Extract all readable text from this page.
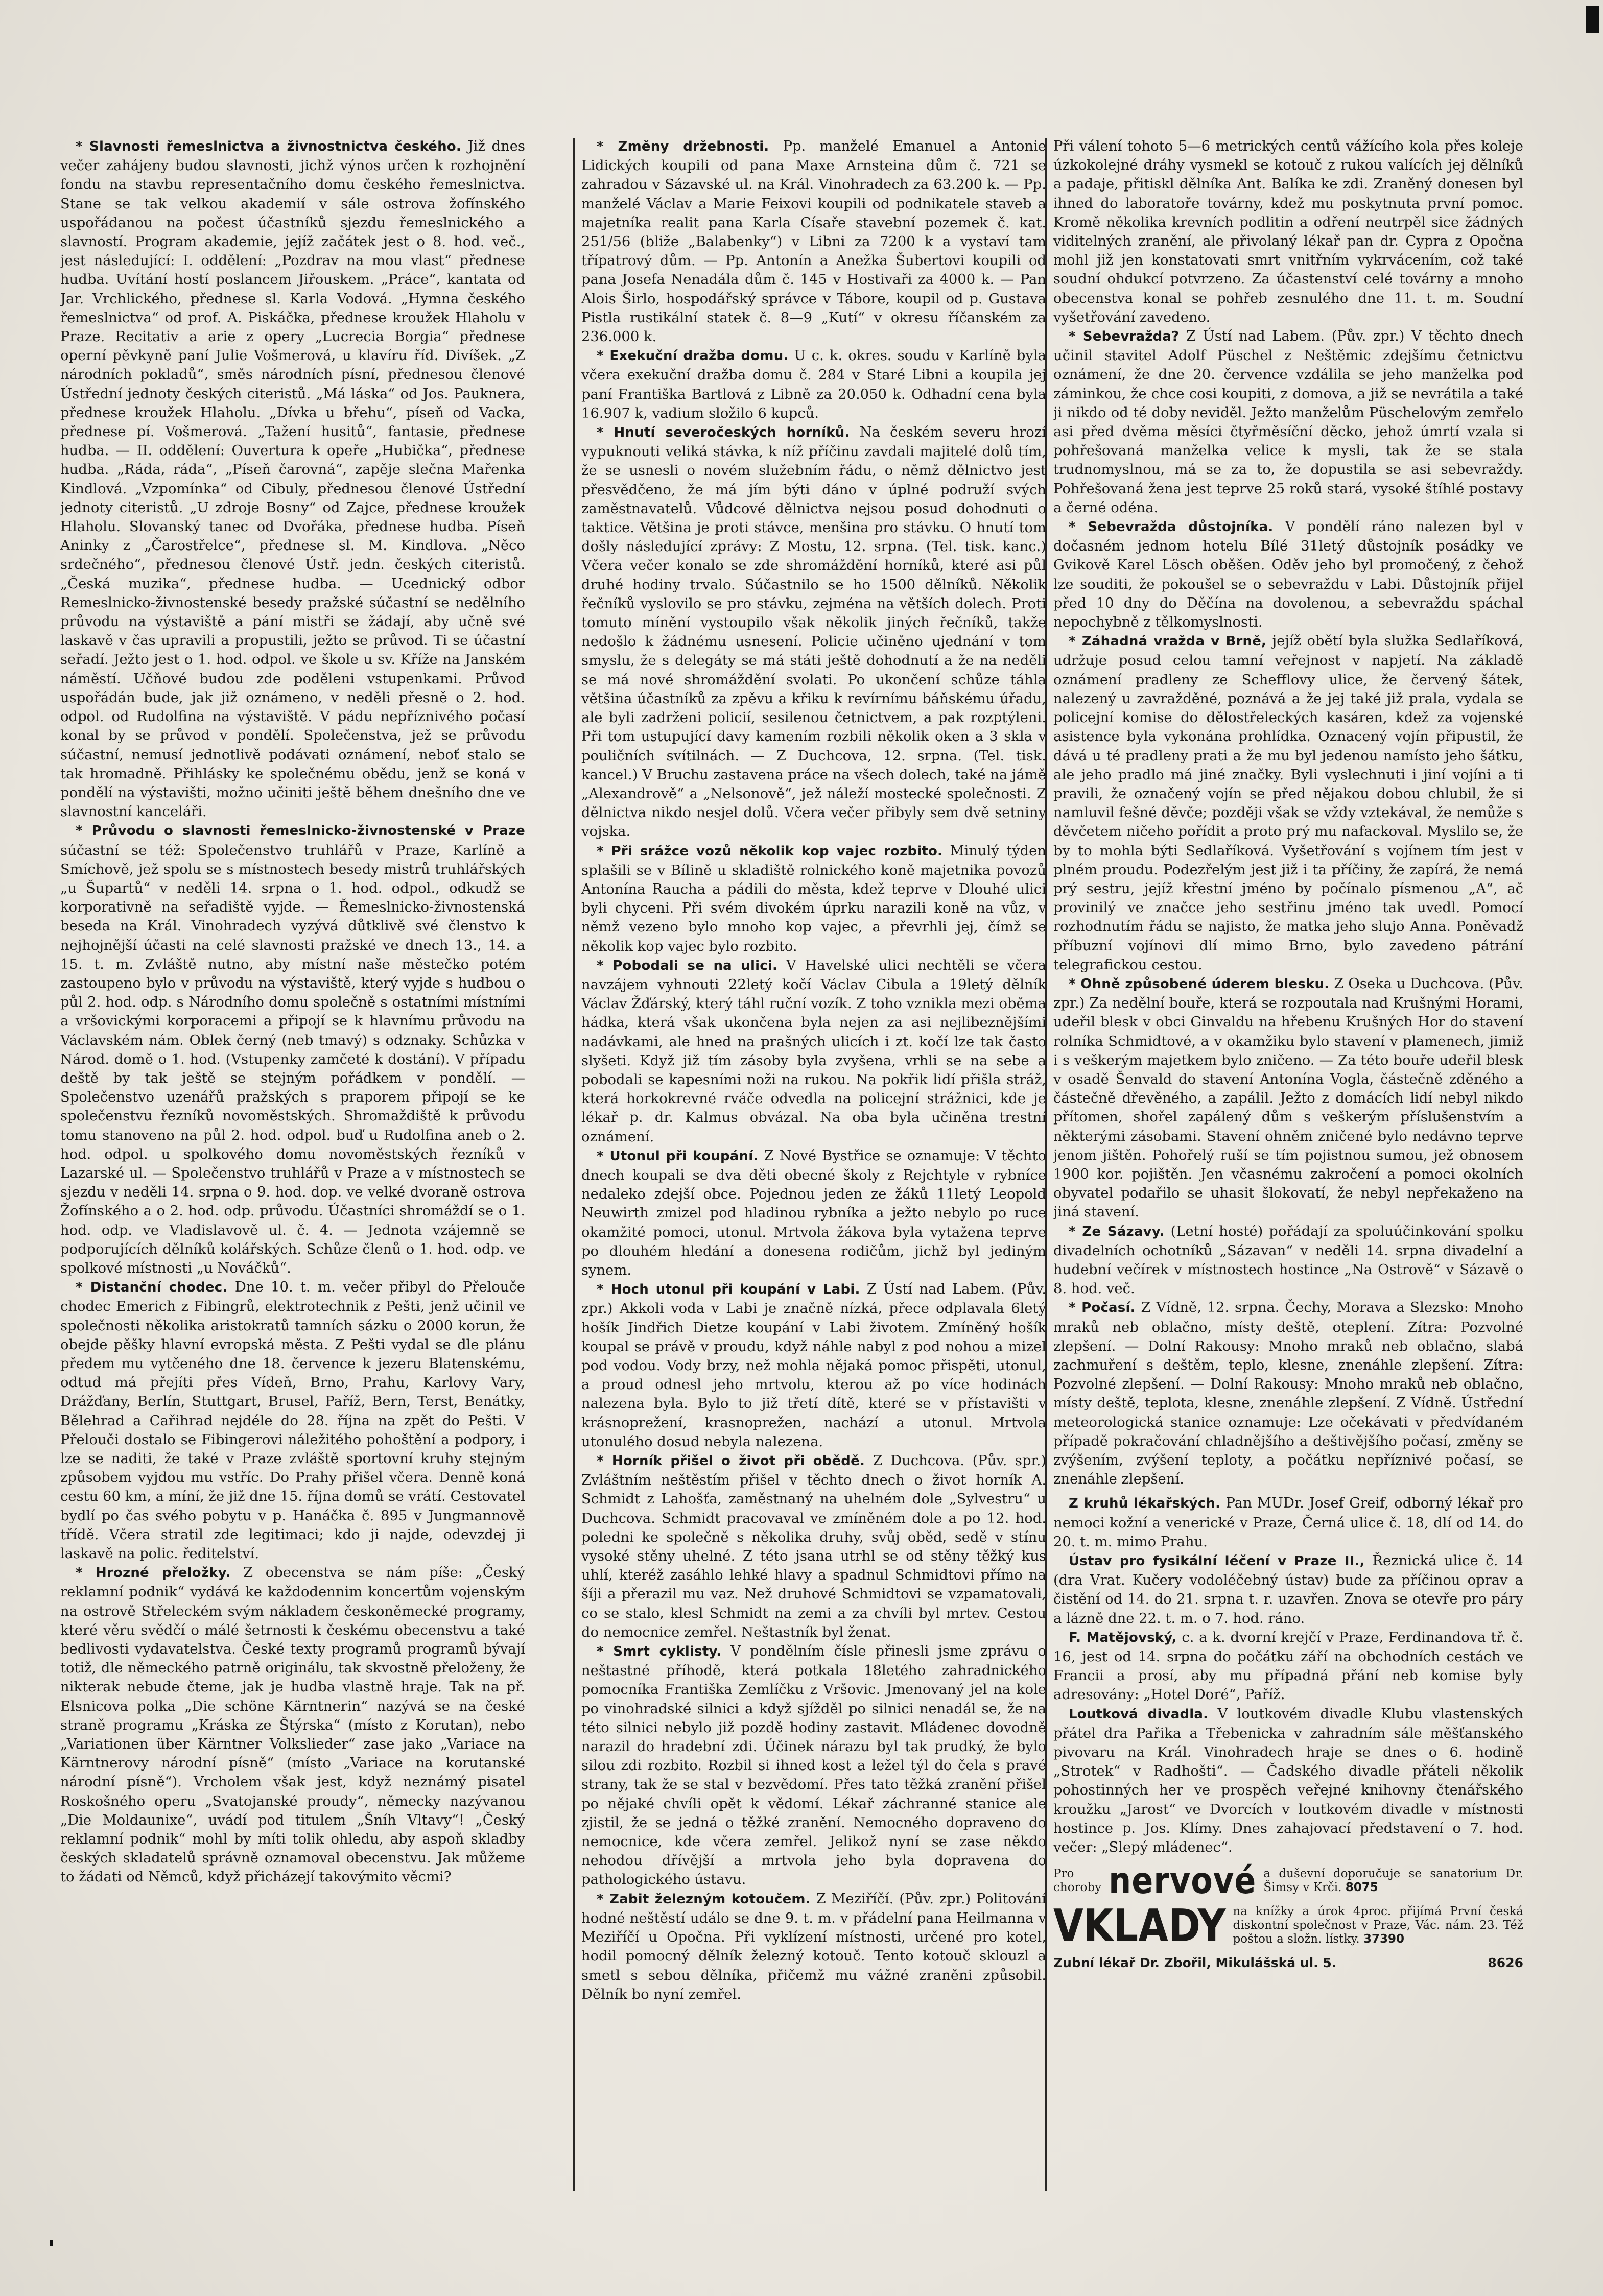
* Slavnosti řemeslnictva a živnostnictva českého. Již dnes večer zahájeny budou slavnosti, jichž výnos určen k rozhojnění fondu na stavbu representačního domu českého řemeslnictva. Stane se tak velkou akademií v sále ostrova žofínského uspořádanou na počest účastníků sjezdu řemeslnického a slavností. Program akademie, jejíž začátek jest o 8. hod. več., jest následující: I. oddělení: „Pozdrav na mou vlast“ přednese hudba. Uvítání hostí poslancem Jiřouskem. „Práce“, kantata od Jar. Vrchlického, přednese sl. Karla Vodová. „Hymna českého řemeslnictva“ od prof. A. Piskáčka, přednese kroužek Hlaholu v Praze. Recitativ a arie z opery „Lucrecia Borgia“ přednese operní pěvkyně paní Julie Vošmerová, u klavíru říd. Divíšek. „Z národních pokladů“, směs národních písní, přednesou členové Ústřední jednoty českých citeristů. „Má láska“ od Jos. Pauknera, přednese kroužek Hlaholu. „Dívka u břehu“, píseň od Vacka, přednese pí. Vošmerová. „Tažení husitů“, fantasie, přednese hudba. — II. oddělení: Ouvertura k opeře „Hubička“, přednese hudba. „Ráda, ráda“, „Píseň čarovná“, zapěje slečna Mařenka Kindlová. „Vzpomínka“ od Cibuly, přednesou členové Ústřední jednoty citeristů. „U zdroje Bosny“ od Zajce, přednese kroužek Hlaholu. Slovanský tanec od Dvořáka, přednese hudba. Píseň Aninky z „Čarostřelce“, přednese sl. M. Kindlova. „Něco srdečného“, přednesou členové Ústř. jedn. českých citeristů. „Česká muzika“, přednese hudba. — Ucednický odbor Remeslnicko-živnostenské besedy pražské súčastní se nedělního průvodu na výstaviště a pání mistři se žádají, aby učně své laskavě v čas upravili a propustili, ježto se průvod. Ti se účastní seřadí. Ježto jest o 1. hod. odpol. ve škole u sv. Kříže na Janském náměstí. Učňové budou zde poděleni vstupenkami. Průvod uspořádán bude, jak již oznámeno, v neděli přesně o 2. hod. odpol. od Rudolfina na výstaviště. V pádu nepříznivého počasí konal by se průvod v pondělí. Společenstva, jež se průvodu súčastní, nemusí jednotlivě podávati oznámení, neboť stalo se tak hromadně. Přihlásky ke společnému obědu, jenž se koná v pondělí na výstavišti, možno učiniti ještě během dnešního dne ve slavnostní kanceláři.

* Průvodu o slavnosti řemeslnicko-živnostenské v Praze súčastní se též: Společenstvo truhlářů v Praze, Karlíně a Smíchově, jež spolu se s místnostech besedy mistrů truhlářských „u Šupartů“ v neděli 14. srpna o 1. hod. odpol., odkudž se korporativně na seřadiště vyjde. — Řemeslnicko-živnostenská beseda na Král. Vinohradech vyzývá důtklivě své členstvo k nejhojnější účasti na celé slavnosti pražské ve dnech 13., 14. a 15. t. m. Zvláště nutno, aby místní naše městečko potém zastoupeno bylo v průvodu na výstaviště, který vyjde s hudbou o půl 2. hod. odp. s Národního domu společně s ostatními místními a vršovickými korporacemi a připojí se k hlavnímu průvodu na Václavském nám. Oblek černý (neb tmavý) s odznaky. Schůzka v Národ. domě o 1. hod. (Vstupenky zamčeté k dostání). V případu deště by tak ještě se stejným pořádkem v pondělí. — Společenstvo uzenářů pražských s praporem připojí se ke společenstvu řezníků novoměstských. Shromaždiště k průvodu tomu stanoveno na půl 2. hod. odpol. buď u Rudolfina aneb o 2. hod. odpol. u spolkového domu novoměstských řezníků v Lazarské ul. — Společenstvo truhlářů v Praze a v místnostech se sjezdu v neděli 14. srpna o 9. hod. dop. ve velké dvoraně ostrova Žofínského a o 2. hod. odp. průvodu. Účastníci shromáždí se o 1. hod. odp. ve Vladislavově ul. č. 4. — Jednota vzájemně se podporujících dělníků kolářských. Schůze členů o 1. hod. odp. ve spolkové místnosti „u Nováčků“.

* Distanční chodec. Dne 10. t. m. večer přibyl do Přelouče chodec Emerich z Fibingrů, elektrotechnik z Pešti, jenž učinil ve společnosti několika aristokratů tamních sázku o 2000 korun, že obejde pěšky hlavní evropská města. Z Pešti vydal se dle plánu předem mu vytčeného dne 18. července k jezeru Blatenskému, odtud má přejíti přes Vídeň, Brno, Prahu, Karlovy Vary, Drážďany, Berlín, Stuttgart, Brusel, Paříž, Bern, Terst, Benátky, Bělehrad a Cařihrad nejdéle do 28. října na zpět do Pešti. V Přelouči dostalo se Fibingerovi náležitého pohoštění a podpory, i lze se naditi, že také v Praze zvláště sportovní kruhy stejným způsobem vyjdou mu vstříc. Do Prahy přišel včera. Denně koná cestu 60 km, a míní, že již dne 15. října domů se vrátí. Cestovatel bydlí po čas svého pobytu v p. Hanáčka č. 895 v Jungmannově třídě. Včera stratil zde legitimaci; kdo ji najde, odevzdej ji laskavě na polic. ředitelství.

* Hrozné přeložky. Z obecenstva se nám píše: „Český reklamní podnik“ vydává ke každodennim koncertům vojenským na ostrově Střeleckém svým nákladem českoněmecké programy, které věru svědčí o málé šetrnosti k českému obecenstvu a také bedlivosti vydavatelstva. České texty programů programů bývají totiž, dle německého patrně originálu, tak skvostně přeloženy, že nikterak nebude čteme, jak je hudba vlastně hraje. Tak na př. Elsnicova polka „Die schöne Kärntnerin“ nazývá se na české straně programu „Kráska ze Štýrska“ (místo z Korutan), nebo „Variationen über Kärntner Volkslieder“ zase jako „Variace na Kärntnerovy národní písně“ (místo „Variace na korutanské národní písně“). Vrcholem však jest, když neznámý pisatel Roskošného operu „Svatojanské proudy“, německy nazývanou „Die Moldaunixe“, uvádí pod titulem „Šníh Vltavy“! „Český reklamní podnik“ mohl by míti tolik ohledu, aby aspoň skladby českých skladatelů správně oznamoval obecenstvu. Jak můžeme to žádati od Němců, když přicházejí takovýmito věcmi?

* Změny držebnosti. Pp. manželé Emanuel a Antonie Lidických koupili od pana Maxe Arnsteina dům č. 721 se zahradou v Sázavské ul. na Král. Vinohradech za 63.200 k. — Pp. manželé Václav a Marie Feixovi koupili od podnikatele staveb a majetníka realit pana Karla Císaře stavební pozemek č. kat. 251/56 (bliže „Balabenky“) v Libni za 7200 k a vystaví tam třípatrový dům. — Pp. Antonín a Anežka Šubertovi koupili od pana Josefa Nenadála dům č. 145 v Hostivaři za 4000 k. — Pan Alois Širlo, hospodářský správce v Tábore, koupil od p. Gustava Pistla rustikální statek č. 8—9 „Kutí“ v okresu říčanském za 236.000 k.

* Exekuční dražba domu. U c. k. okres. soudu v Karlíně byla včera exekuční dražba domu č. 284 v Staré Libni a koupila jej paní Františka Bartlová z Libně za 20.050 k. Odhadní cena byla 16.907 k, vadium složilo 6 kupců.

* Hnutí severočeských horníků. Na českém severu hrozí vypuknouti veliká stávka, k níž příčinu zavdali majitelé dolů tím, že se usnesli o novém služebním řádu, o němž dělnictvo jest přesvědčeno, že má jím býti dáno v úplné podruží svých zaměstnavatelů. Vůdcové dělnictva nejsou posud dohodnuti o taktice. Většina je proti stávce, menšina pro stávku. O hnutí tom došly následující zprávy: Z Mostu, 12. srpna. (Tel. tisk. kanc.) Včera večer konalo se zde shromáždění horníků, které asi půl druhé hodiny trvalo. Súčastnilo se ho 1500 dělníků. Několik řečníků vyslovilo se pro stávku, zejména na větších dolech. Proti tomuto mínění vystoupilo však několik jiných řečníků, takže nedošlo k žádnému usnesení. Policie učiněno ujednání v tom smyslu, že s delegáty se má státi ještě dohodnutí a že na neděli se má nové shromáždění svolati. Po ukončení schůze táhla většina účastníků za zpěvu a křiku k revírnímu báňskému úřadu, ale byli zadrženi policií, sesilenou četnictvem, a pak rozptýleni. Při tom ustupující davy kamením rozbili několik oken a 3 skla v pouličních svítilnách. — Z Duchcova, 12. srpna. (Tel. tisk. kancel.) V Bruchu zastavena práce na všech dolech, také na jámě „Alexandrově“ a „Nelsonově“, jež náleží mostecké společnosti. Z dělnictva nikdo nesjel dolů. Včera večer přibyly sem dvě setniny vojska.

* Při srážce vozů několik kop vajec rozbito. Minulý týden splašili se v Bílině u skladiště rolnického koně majetnika povozů Antonína Raucha a pádili do města, kdež teprve v Dlouhé ulici byli chyceni. Při svém divokém úprku narazili koně na vůz, v němž vezeno bylo mnoho kop vajec, a převrhli jej, čímž se několik kop vajec bylo rozbito.

* Pobodali se na ulici. V Havelské ulici nechtěli se včera navzájem vyhnouti 22letý kočí Václav Cibula a 19letý dělník Václav Žďárský, který táhl ruční vozík. Z toho vznikla mezi oběma hádka, která však ukončena byla nejen za asi nejlibeznějšími nadávkami, ale hned na prašných ulicích i zt. kočí lze tak často slyšeti. Když již tím zásoby byla zvyšena, vrhli se na sebe a pobodali se kapesními noži na rukou. Na pokřik lidí přišla stráž, která horkokrevné rváče odvedla na policejní strážnici, kde je lékař p. dr. Kalmus obvázal. Na oba byla učiněna trestní oznámení.

* Utonul při koupání. Z Nové Bystřice se oznamuje: V těchto dnech koupali se dva děti obecné školy z Rejchtyle v rybníce nedaleko zdejší obce. Pojednou jeden ze žáků 11letý Leopold Neuwirth zmizel pod hladinou rybníka a ježto nebylo po ruce okamžité pomoci, utonul. Mrtvola žákova byla vytažena teprve po dlouhém hledání a donesena rodičům, jichž byl jediným synem.

* Hoch utonul při koupání v Labi. Z Ústí nad Labem. (Pův. zpr.) Akkoli voda v Labi je značně nízká, přece odplavala 6letý hošík Jindřich Dietze koupání v Labi životem. Zmíněný hošík koupal se právě v proudu, když náhle nabyl z pod nohou a mizel pod vodou. Vody brzy, než mohla nějaká pomoc přispěti, utonul, a proud odnesl jeho mrtvolu, kterou až po více hodinách nalezena byla. Bylo to již třetí dítě, které se v přístavišti v krásnoprežení, krasnoprežen, nachází a utonul. Mrtvola utonulého dosud nebyla nalezena.

* Horník přišel o život při obědě. Z Duchcova. (Pův. spr.) Zvláštním neštěstím přišel v těchto dnech o život horník A. Schmidt z Lahošťa, zaměstnaný na uhelném dole „Sylvestru“ u Duchcova. Schmidt pracovaval ve zmíněném dole a po 12. hod. poledni ke společně s několika druhy, svůj oběd, sedě v stínu vysoké stěny uhelné. Z této jsana utrhl se od stěny těžký kus uhlí, kteréž zasáhlo lehké hlavy a spadnul Schmidtovi přímo na šíji a přerazil mu vaz. Než druhové Schmidtovi se vzpamatovali, co se stalo, klesl Schmidt na zemi a za chvíli byl mrtev. Cestou do nemocnice zemřel. Neštastník byl ženat.

* Smrt cyklisty. V pondělním čísle přinesli jsme zprávu o neštastné příhodě, která potkala 18letého zahradnického pomocníka Františka Zemlíčku z Vršovic. Jmenovaný jel na kole po vinohradské silnici a když sjížděl po silnici nenadál se, že na této silnici nebylo již pozdě hodiny zastavit. Mládenec dovodně narazil do hradební zdi. Účinek nárazu byl tak prudký, že bylo silou zdi rozbito. Rozbil si ihned kost a ležel týl do čela s pravé strany, tak že se stal v bezvědomí. Přes tato těžká zranění přišel po nějaké chvíli opět k vědomí. Lékař záchranné stanice ale zjistil, že se jedná o těžké zranění. Nemocného dopraveno do nemocnice, kde včera zemřel. Jelikož nyní se zase někdo nehodou dřívější a mrtvola jeho byla dopravena do pathologického ústavu.

* Zabit železným kotoučem. Z Meziříčí. (Pův. zpr.) Politování hodné neštěstí událo se dne 9. t. m. v přádelní pana Heilmanna v Meziříčí u Opočna. Při vyklízení místnosti, určené pro kotel, hodil pomocný dělník železný kotouč. Tento kotouč sklouzl a smetl s sebou dělníka, přičemž mu vážné zraněni způsobil. Dělník bo nyní zemřel.

Při válení tohoto 5—6 metrických centů vážícího kola přes koleje úzkokolejné dráhy vysmekl se kotouč z rukou valících jej dělníků a padaje, přitiskl dělníka Ant. Balíka ke zdi. Zraněný donesen byl ihned do laboratoře továrny, kdež mu poskytnuta první pomoc. Kromě několika krevních podlitin a odření neutrpěl sice žádných viditelných zranění, ale přivolaný lékař pan dr. Cypra z Opočna mohl již jen konstatovati smrt vnitřním vykrvácením, což také soudní ohdukcí potvrzeno. Za účastenství celé továrny a mnoho obecenstva konal se pohřeb zesnulého dne 11. t. m. Soudní vyšetřování zavedeno.

* Sebevražda? Z Ústí nad Labem. (Pův. zpr.) V těchto dnech učinil stavitel Adolf Püschel z Neštěmic zdejšímu četnictvu oznámení, že dne 20. července vzdálila se jeho manželka pod záminkou, že chce cosi koupiti, z domova, a již se nevrátila a také ji nikdo od té doby neviděl. Ježto manželům Püschelovým zemřelo asi před dvěma měsíci čtyřměsíční děcko, jehož úmrtí vzala si pohřešovaná manželka velice k mysli, tak že se stala trudnomyslnou, má se za to, že dopustila se asi sebevraždy. Pohřešovaná žena jest teprve 25 roků stará, vysoké štíhlé postavy a černé odéna.

* Sebevražda důstojníka. V pondělí ráno nalezen byl v dočasném jednom hotelu Bílé 31letý důstojník posádky ve Gvikově Karel Lösch oběšen. Oděv jeho byl promočený, z čehož lze souditi, že pokoušel se o sebevraždu v Labi. Důstojník přijel před 10 dny do Děčína na dovolenou, a sebevraždu spáchal nepochybně z tělkomyslnosti.

* Záhadná vražda v Brně, jejíž obětí byla služka Sedlaříková, udržuje posud celou tamní veřejnost v napjetí. Na základě oznámení pradleny ze Schefflovy ulice, že červený šátek, nalezený u zavražděné, poznává a že jej také již prala, vydala se policejní komise do dělostřeleckých kasáren, kdež za vojenské asistence byla vykonána prohlídka. Oznacený vojín připustil, že dává u té pradleny prati a že mu byl jedenou namísto jeho šátku, ale jeho pradlo má jiné značky. Byli vyslechnuti i jiní vojíni a ti pravili, že označený vojín se před nějakou dobou chlubil, že si namluvil fešné děvče; později však se vždy vztekával, že nemůže s děvčetem ničeho pořídit a proto prý mu nafackoval. Myslilo se, že by to mohla býti Sedlaříková. Vyšetřování s vojínem tím jest v plném proudu. Podezřelým jest již i ta příčiny, že zapírá, že nemá prý sestru, jejíž křestní jméno by počínalo písmenou „A“, ač provinilý ve značce jeho sestřinu jméno tak uvedl. Pomocí rozhodnutím řádu se najisto, že matka jeho slujo Anna. Poněvadž příbuzní vojínovi dlí mimo Brno, bylo zavedeno pátrání telegrafickou cestou.

* Ohně způsobené úderem blesku. Z Oseka u Duchcova. (Pův. zpr.) Za nedělní bouře, která se rozpoutala nad Krušnými Horami, udeřil blesk v obci Ginvaldu na hřebenu Krušných Hor do stavení rolníka Schmidtové, a v okamžiku bylo stavení v plamenech, jimiž i s veškerým majetkem bylo zničeno. — Za této bouře udeřil blesk v osadě Šenvald do stavení Antonína Vogla, částečně zděného a částečně dřevěného, a zapálil. Ježto z domácích lidí nebyl nikdo přítomen, shořel zapálený dům s veškerým příslušenstvím a některými zásobami. Stavení ohněm zničené bylo nedávno teprve jenom jištěn. Pohořelý ruší se tím pojistnou sumou, jež obnosem 1900 kor. pojištěn. Jen včasnému zakročení a pomoci okolních obyvatel podařilo se uhasit šlokovatí, že nebyl nepřekaženo na jiná stavení.

* Ze Sázavy. (Letní hosté) pořádají za spoluúčinkování spolku divadelních ochotníků „Sázavan“ v neděli 14. srpna divadelní a hudební večírek v místnostech hostince „Na Ostrově“ v Sázavě o 8. hod. več.

* Počasí. Z Vídně, 12. srpna. Čechy, Morava a Slezsko: Mnoho mraků neb oblačno, místy deště, oteplení. Zítra: Pozvolné zlepšení. — Dolní Rakousy: Mnoho mraků neb oblačno, slabá zachmuření s deštěm, teplo, klesne, znenáhle zlepšení. Zítra: Pozvolné zlepšení. — Dolní Rakousy: Mnoho mraků neb oblačno, místy deště, teplota, klesne, znenáhle zlepšení. Z Vídně. Ústřední meteorologická stanice oznamuje: Lze očekávati v předvídaném případě pokračování chladnějšího a deštivějšího počasí, změny se zvýšením, zvýšení teploty, a počátku nepříznivé počasí, se znenáhle zlepšení.

Z kruhů lékařských. Pan MUDr. Josef Greif, odborný lékař pro nemoci kožní a venerické v Praze, Černá ulice č. 18, dlí od 14. do 20. t. m. mimo Prahu.

Ústav pro fysikální léčení v Praze II., Řeznická ulice č. 14 (dra Vrat. Kučery vodoléčebný ústav) bude za příčinou oprav a čistění od 14. do 21. srpna t. r. uzavřen. Znova se otevře pro páry a lázně dne 22. t. m. o 7. hod. ráno.

F. Matějovský, c. a k. dvorní krejčí v Praze, Ferdinandova tř. č. 16, jest od 14. srpna do počátku září na obchodních cestách ve Francii a prosí, aby mu případná přání neb komise byly adresovány: „Hotel Doré“, Paříž.

Loutková divadla. V loutkovém divadle Klubu vlastenských přátel dra Pařika a Třebenicka v zahradním sále měšťanského pivovaru na Král. Vinohradech hraje se dnes o 6. hodině „Strotek“ v Radhošti“. — Čadského divadle přáteli několik pohostinných her ve prospěch veřejné knihovny čtenářského kroužku „Jarost“ ve Dvorcích v loutkovém divadle v místnosti hostince p. Jos. Klímy. Dnes zahajovací představení o 7. hod. večer: „Slepý mládenec“.

Pro
choroby nervové a duševní doporučuje se sanatorium Dr. Šimsy v Krči. 8075
VKLADY na knížky a úrok 4proc. přijímá První česká diskontní společnost v Praze, Vác. nám. 23. Též poštou a složn. lístky. 37390
Zubní lékař Dr. Zbořil, Mikulášská ul. 5.	8626
